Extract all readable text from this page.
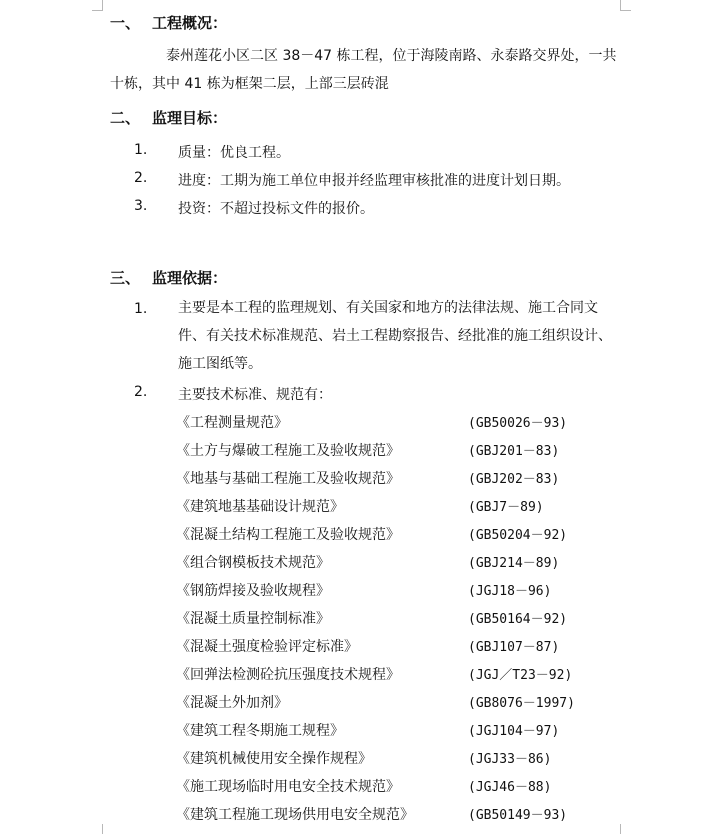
一、 工程概况：
泰州莲花小区二区 38－47 栋工程，位于海陵南路、永泰路交界处，一共十栋，其中 41 栋为框架二层，上部三层砖混
二、 监理目标：
1. 质量：优良工程。
2. 进度：工期为施工单位申报并经监理审核批准的进度计划日期。
3. 投资：不超过投标文件的报价。
三、 监理依据：
1. 主要是本工程的监理规划、有关国家和地方的法律法规、施工合同文件、有关技术标准规范、岩土工程勘察报告、经批准的施工组织设计、施工图纸等。
2. 主要技术标准、规范有：
《工程测量规范》	(GB50026－93)
《土方与爆破工程施工及验收规范》	(GBJ201－83)
《地基与基础工程施工及验收规范》	(GBJ202－83)
《建筑地基基础设计规范》	(GBJ7－89)
《混凝土结构工程施工及验收规范》	(GB50204－92)
《组合钢模板技术规范》	(GBJ214－89)
《钢筋焊接及验收规程》	(JGJ18－96)
《混凝土质量控制标准》	(GB50164－92)
《混凝土强度检验评定标准》	(GBJ107－87)
《回弹法检测砼抗压强度技术规程》	(JGJ／T23－92)
《混凝土外加剂》	(GB8076－1997)
《建筑工程冬期施工规程》	(JGJ104－97)
《建筑机械使用安全操作规程》	(JGJ33－86)
《施工现场临时用电安全技术规范》	(JGJ46－88)
《建筑工程施工现场供用电安全规范》	(GB50149－93)
